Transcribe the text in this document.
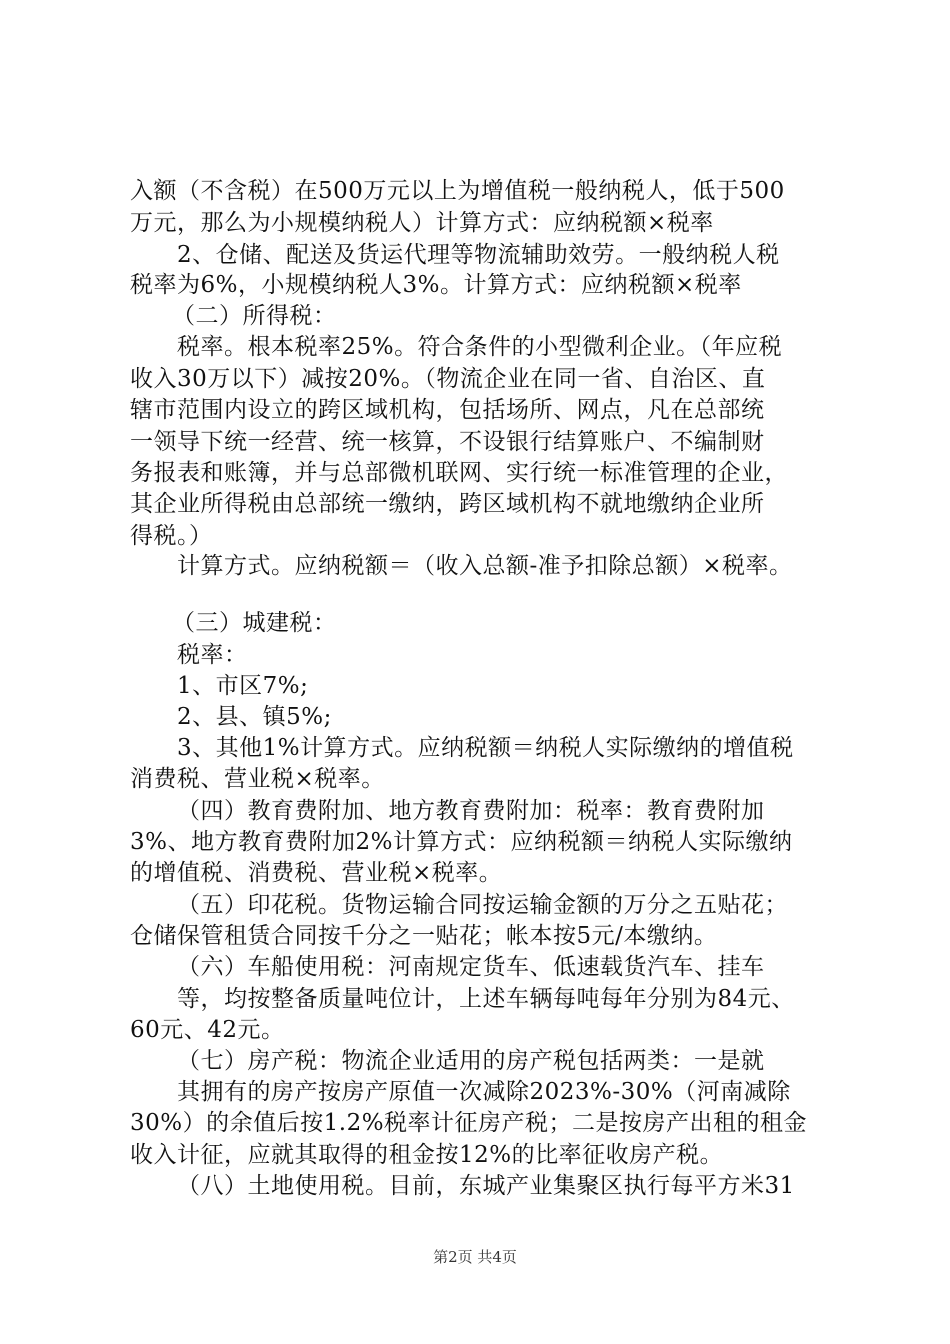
入额（不含税）在500万元以上为增值税一般纳税人，低于500
万元，那么为小规模纳税人）计算方式：应纳税额×税率
2、仓储、配送及货运代理等物流辅助效劳。一般纳税人税
税率为6%，小规模纳税人3%。计算方式：应纳税额×税率
（二）所得税：
税率。根本税率25%。符合条件的小型微利企业。（年应税
收入30万以下）减按20%。（物流企业在同一省、自治区、直
辖市范围内设立的跨区域机构，包括场所、网点，凡在总部统
一领导下统一经营、统一核算，不设银行结算账户、不编制财
务报表和账簿，并与总部微机联网、实行统一标准管理的企业，
其企业所得税由总部统一缴纳，跨区域机构不就地缴纳企业所
得税。）
计算方式。应纳税额＝（收入总额-准予扣除总额）×税率。
（三）城建税：
税率：
1、市区7%;
2、县、镇5%;
3、其他1%计算方式。应纳税额＝纳税人实际缴纳的增值税
消费税、营业税×税率。
（四）教育费附加、地方教育费附加：税率：教育费附加
3%、地方教育费附加2%计算方式：应纳税额＝纳税人实际缴纳
的增值税、消费税、营业税×税率。
（五）印花税。货物运输合同按运输金额的万分之五贴花；
仓储保管租赁合同按千分之一贴花；帐本按5元/本缴纳。
（六）车船使用税：河南规定货车、低速载货汽车、挂车
等，均按整备质量吨位计，上述车辆每吨每年分别为84元、
60元、42元。
（七）房产税：物流企业适用的房产税包括两类：一是就
其拥有的房产按房产原值一次减除2023%-30%（河南减除
30%）的余值后按1.2%税率计征房产税；二是按房产出租的租金
收入计征，应就其取得的租金按12%的比率征收房产税。
（八）土地使用税。目前，东城产业集聚区执行每平方米31
第2页 共4页
